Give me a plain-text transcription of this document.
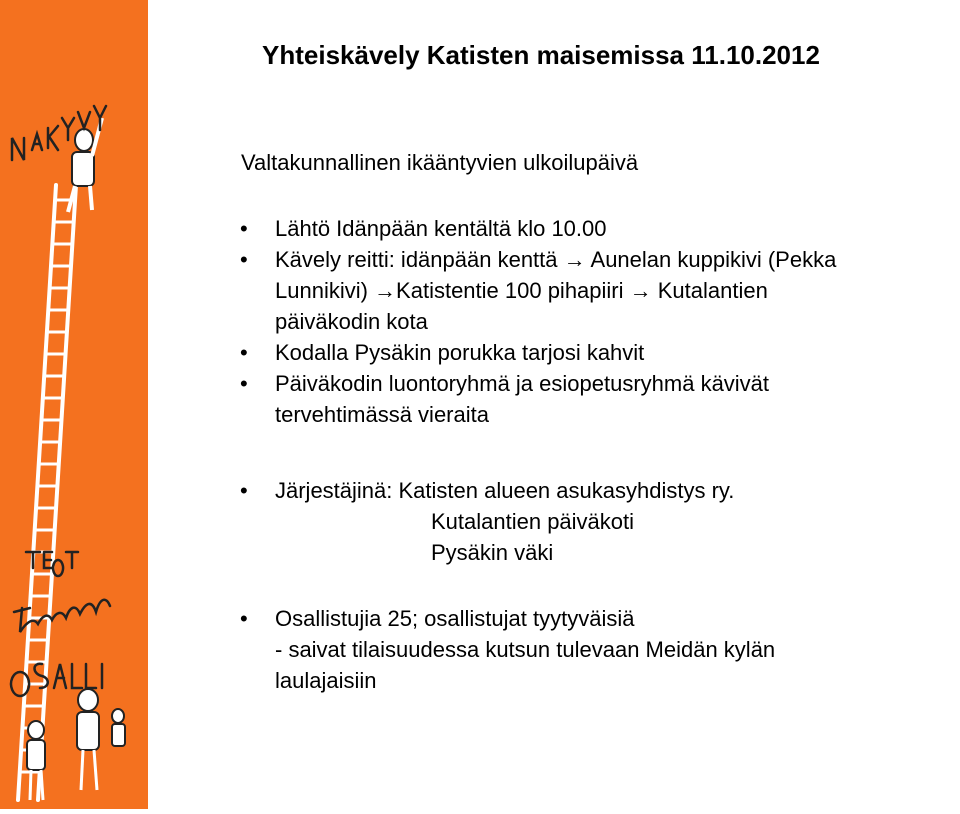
Yhteiskävely Katisten maisemissa 11.10.2012
Valtakunnallinen ikääntyvien ulkoilupäivä
• Lähtö Idänpään kentältä klo 10.00
• Kävely reitti: idänpään kenttä → Aunelan kuppikivi (Pekka
Lunnikivi) →Katistentie 100 pihapiiri → Kutalantien
päiväkodin kota
• Kodalla Pysäkin porukka tarjosi kahvit
• Päiväkodin luontoryhmä ja esiopetusryhmä kävivät
tervehtimässä vieraita
• Järjestäjinä: Katisten alueen asukasyhdistys ry.
Kutalantien päiväkoti
Pysäkin väki
• Osallistujia 25; osallistujat tyytyväisiä
- saivat tilaisuudessa kutsun tulevaan Meidän kylän
laulajaisiin
